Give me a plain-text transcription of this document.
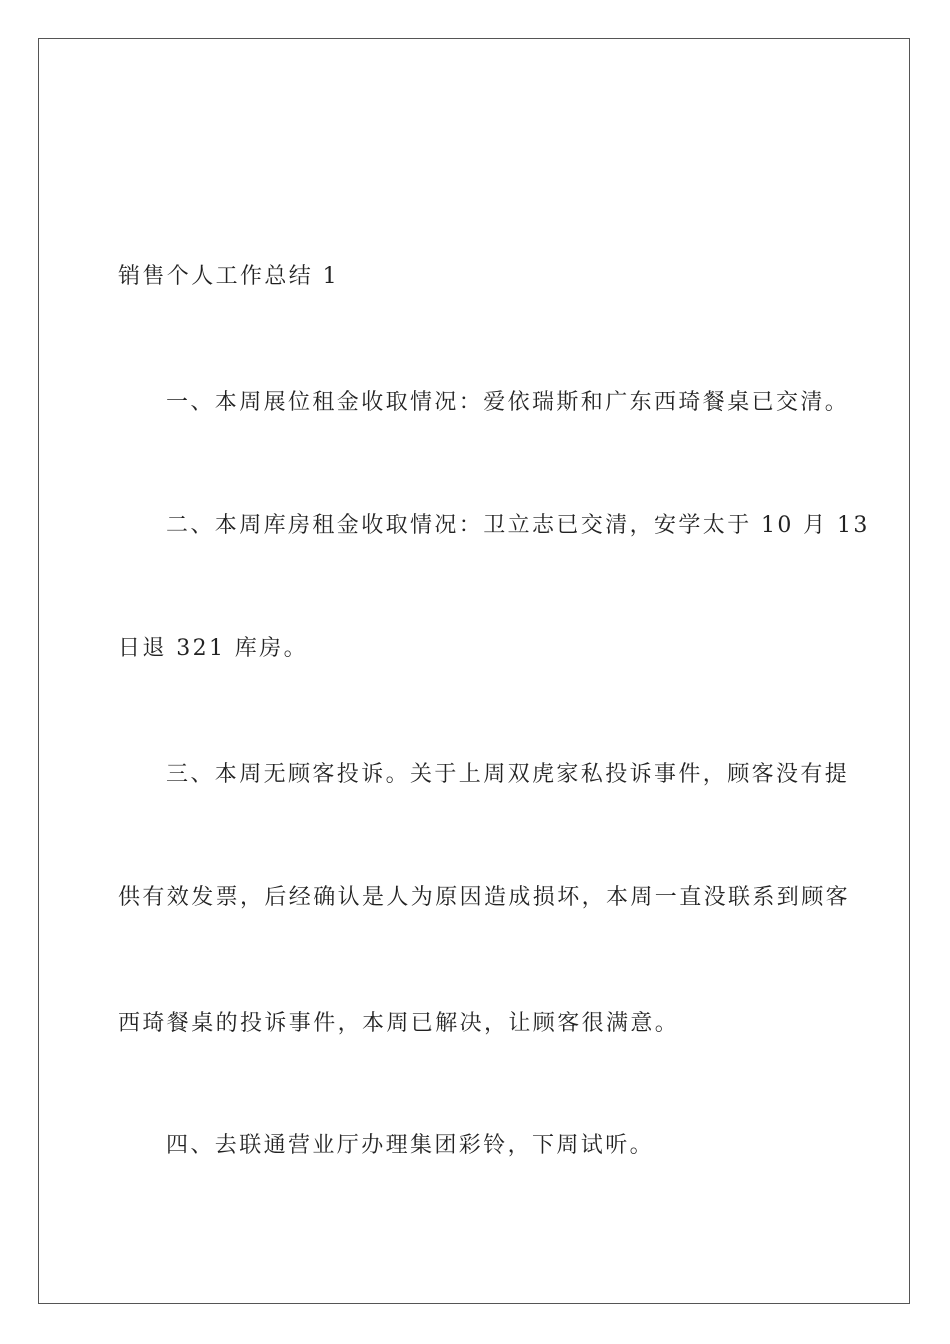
销售个人工作总结 1
一、本周展位租金收取情况：爱依瑞斯和广东西琦餐桌已交清。
二、本周库房租金收取情况：卫立志已交清，安学太于 10 月 13
日退 321 库房。
三、本周无顾客投诉。关于上周双虎家私投诉事件，顾客没有提
供有效发票，后经确认是人为原因造成损坏，本周一直没联系到顾客
西琦餐桌的投诉事件，本周已解决，让顾客很满意。
四、去联通营业厅办理集团彩铃，下周试听。
